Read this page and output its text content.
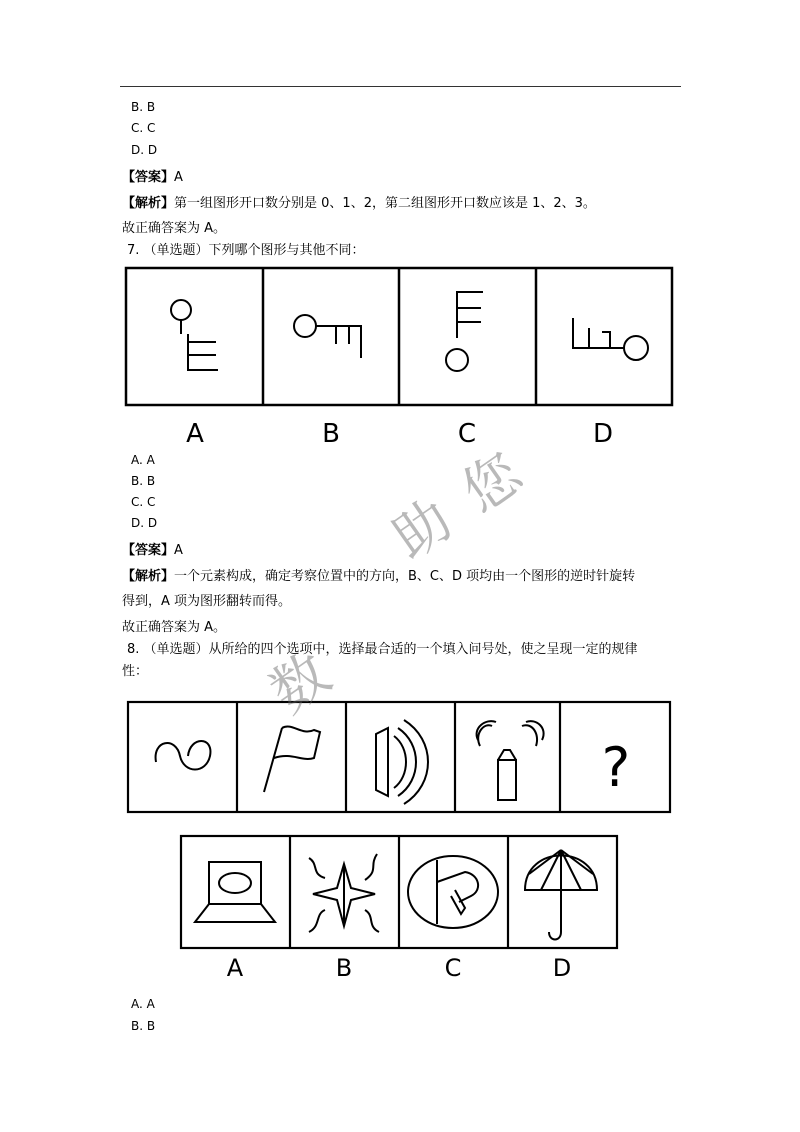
B. B
C. C
D. D
【答案】A
【解析】第一组图形开口数分别是 0、1、2，第二组图形开口数应该是 1、2、3。
故正确答案为 A。
7. （单选题）下列哪个图形与其他不同：
A	B	C	D
A. A
B. B
C. C
D. D
【答案】A
【解析】一个元素构成，确定考察位置中的方向，B、C、D 项均由一个图形的逆时针旋转
得到，A 项为图形翻转而得。
故正确答案为 A。
8. （单选题）从所给的四个选项中，选择最合适的一个填入问号处，使之呈现一定的规律
性：
?
A	B	C	D
A. A
B. B
助
您
数
